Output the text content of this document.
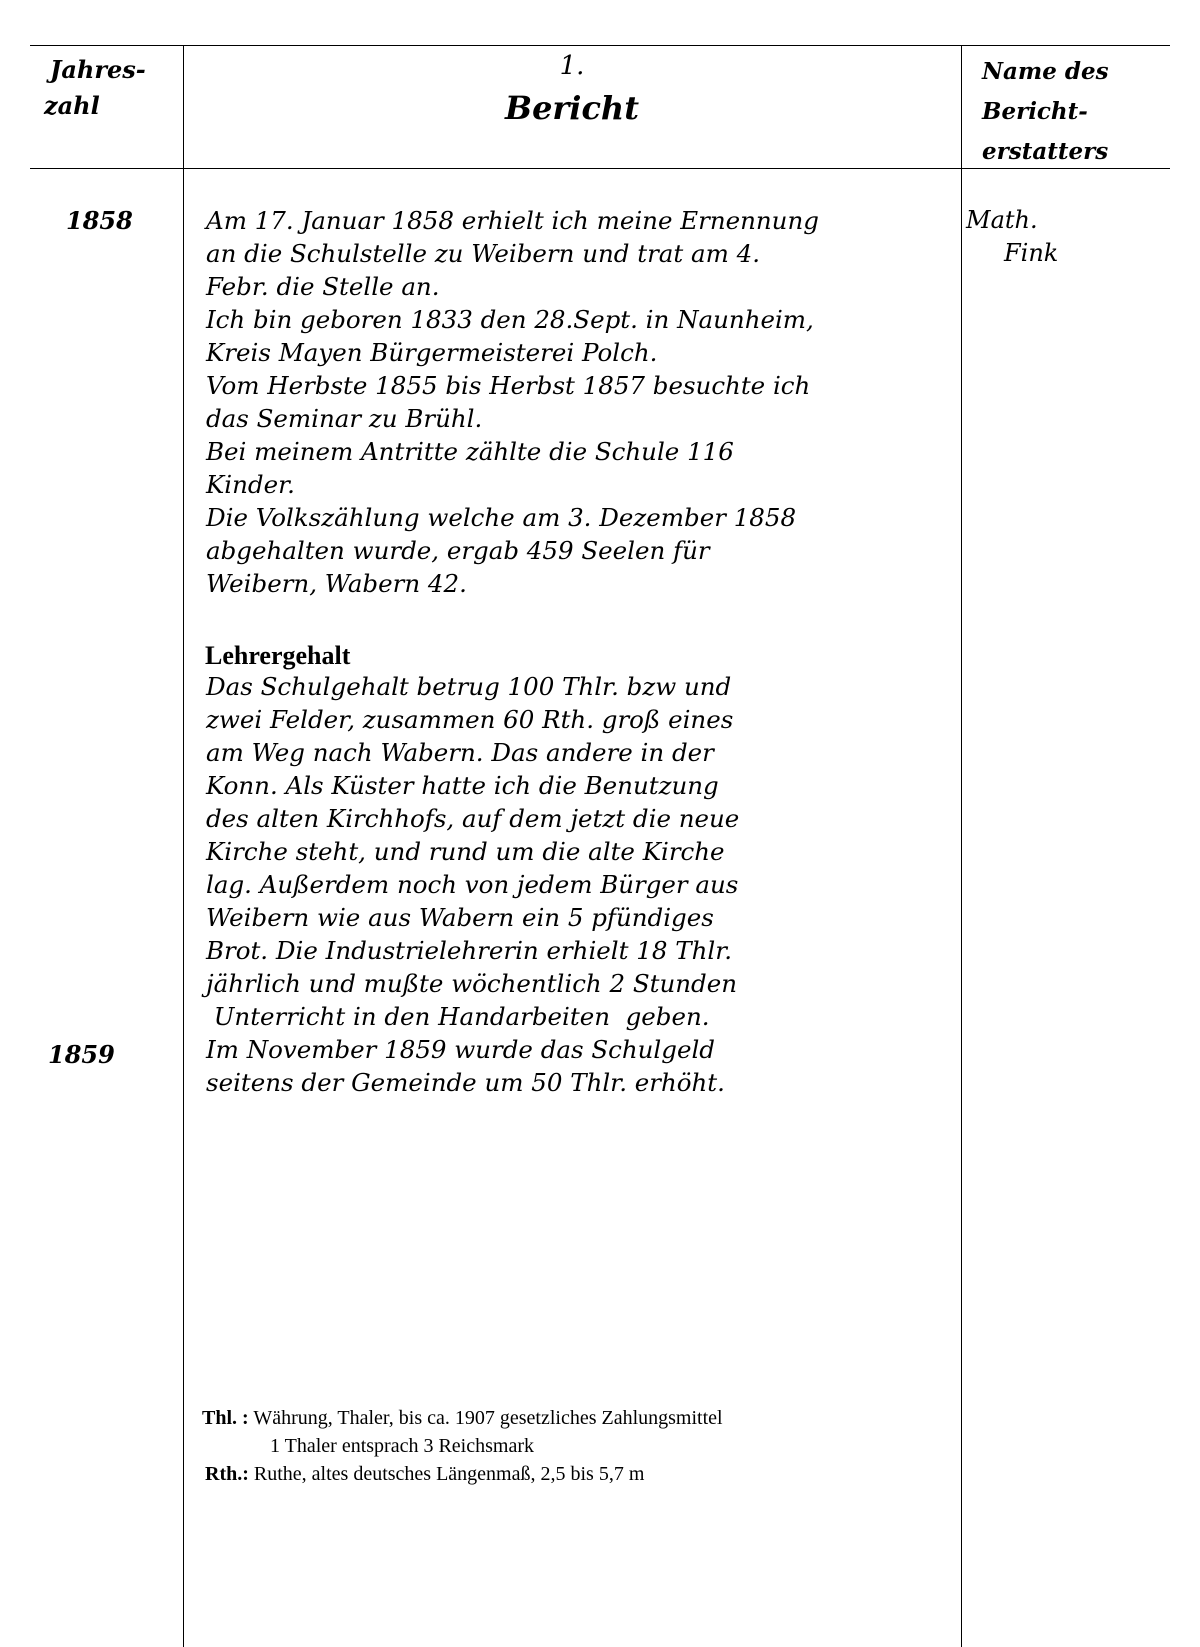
Jahres-
zahl
1.
Bericht
Name des
Bericht-
erstatters
1858
1859
Math.
Fink
Am 17. Januar 1858 erhielt ich meine Ernennung
an die Schulstelle zu Weibern und trat am 4.
Febr. die Stelle an.
Ich bin geboren 1833 den 28.Sept. in Naunheim,
Kreis Mayen Bürgermeisterei Polch.
Vom Herbste 1855 bis Herbst 1857 besuchte ich
das Seminar zu Brühl.
Bei meinem Antritte zählte die Schule 116
Kinder.
Die Volkszählung welche am 3. Dezember 1858
abgehalten wurde, ergab 459 Seelen für
Weibern, Wabern 42.
Lehrergehalt
Das Schulgehalt betrug 100 Thlr. bzw und
zwei Felder, zusammen 60 Rth. groß eines
am Weg nach Wabern. Das andere in der
Konn. Als Küster hatte ich die Benutzung
des alten Kirchhofs, auf dem jetzt die neue
Kirche steht, und rund um die alte Kirche
lag. Außerdem noch von jedem Bürger aus
Weibern wie aus Wabern ein 5 pfündiges
Brot. Die Industrielehrerin erhielt 18 Thlr.
jährlich und mußte wöchentlich 2 Stunden
Unterricht in den Handarbeiten  geben.
Im November 1859 wurde das Schulgeld
seitens der Gemeinde um 50 Thlr. erhöht.
Thl. : Währung, Thaler, bis ca. 1907 gesetzliches Zahlungsmittel
1 Thaler entsprach 3 Reichsmark
Rth.: Ruthe, altes deutsches Längenmaß, 2,5 bis 5,7 m
